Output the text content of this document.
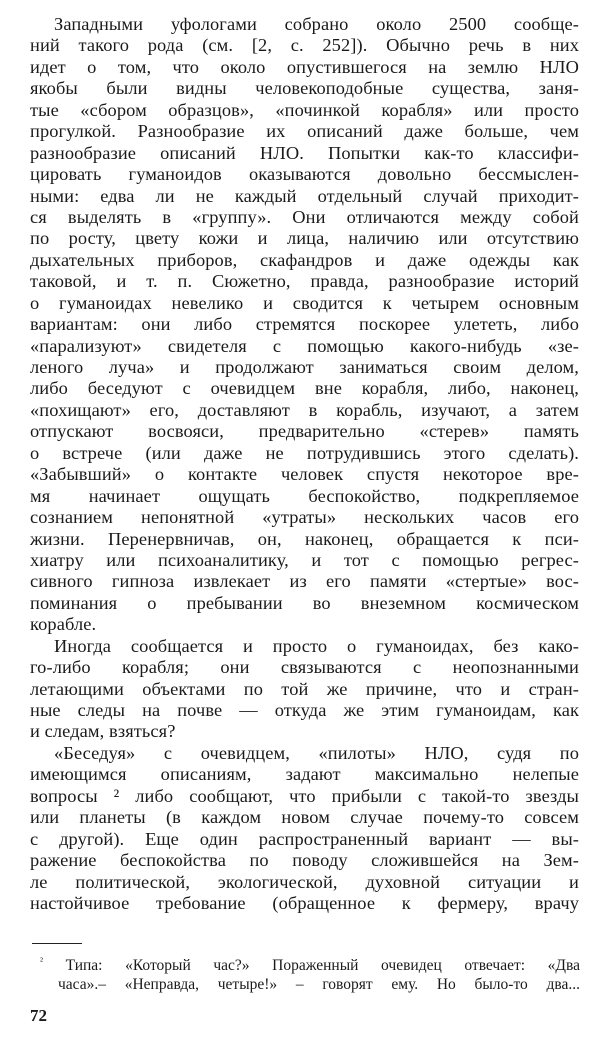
Западными уфологами собрано около 2500 сообще-
ний такого рода (см. [2, с. 252]). Обычно речь в них
идет о том, что около опустившегося на землю НЛО
якобы были видны человекоподобные существа, заня-
тые «сбором образцов», «починкой корабля» или просто
прогулкой. Разнообразие их описаний даже больше, чем
разнообразие описаний НЛО. Попытки как-то классифи-
цировать гуманоидов оказываются довольно бессмыслен-
ными: едва ли не каждый отдельный случай приходит-
ся выделять в «группу». Они отличаются между собой
по росту, цвету кожи и лица, наличию или отсутствию
дыхательных приборов, скафандров и даже одежды как
таковой, и т. п. Сюжетно, правда, разнообразие историй
о гуманоидах невелико и сводится к четырем основным
вариантам: они либо стремятся поскорее улететь, либо
«парализуют» свидетеля с помощью какого-нибудь «зе-
леного луча» и продолжают заниматься своим делом,
либо беседуют с очевидцем вне корабля, либо, наконец,
«похищают» его, доставляют в корабль, изучают, а затем
отпускают восвояси, предварительно «стерев» память
о встрече (или даже не потрудившись этого сделать).
«Забывший» о контакте человек спустя некоторое вре-
мя начинает ощущать беспокойство, подкрепляемое
сознанием непонятной «утраты» нескольких часов его
жизни. Перенервничав, он, наконец, обращается к пси-
хиатру или психоаналитику, и тот с помощью регрес-
сивного гипноза извлекает из его памяти «стертые» вос-
поминания о пребывании во внеземном космическом
корабле.
Иногда сообщается и просто о гуманоидах, без како-
го-либо корабля; они связываются с неопознанными
летающими объектами по той же причине, что и стран-
ные следы на почве — откуда же этим гуманоидам, как
и следам, взяться?
«Беседуя» с очевидцем, «пилоты» НЛО, судя по
имеющимся описаниям, задают максимально нелепые
вопросы ² либо сообщают, что прибыли с такой-то звезды
или планеты (в каждом новом случае почему-то совсем
с другой). Еще один распространенный вариант — вы-
ражение беспокойства по поводу сложившейся на Зем-
ле политической, экологической, духовной ситуации и
настойчивое требование (обращенное к фермеру, врачу
$^{^2}$ Типа: «Который час?» Пораженный очевидец отвечает: «Два
часа».– «Неправда, четыре!» – говорят ему. Но было-то два...
72
